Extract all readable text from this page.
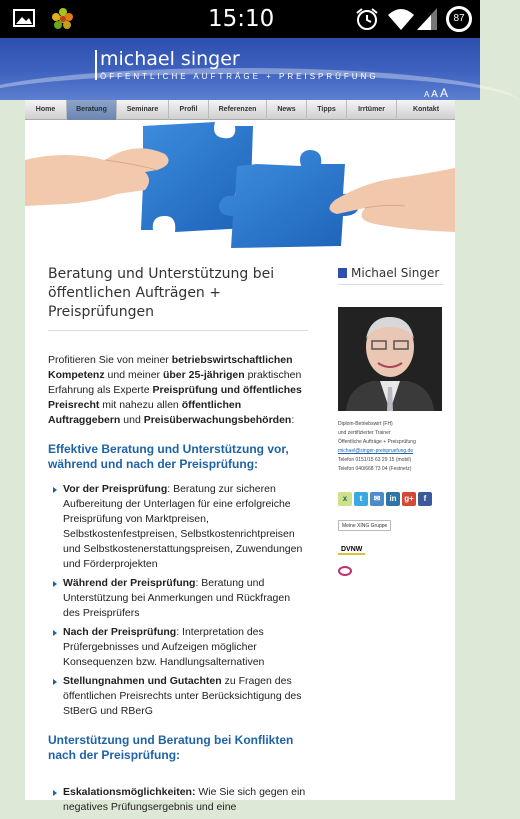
15:10	87
michael singer
ÖFFENTLICHE AUFTRÄGE + PREISPRÜFUNG
A A A
Home	Beratung	Seminare	Profil	Referenzen	News	Tipps	Irrtümer	Kontakt
Beratung und Unterstützung bei öffentlichen Aufträgen + Preisprüfungen

Profitieren Sie von meiner betriebswirtschaftlichen Kompetenz und meiner über 25-jährigen praktischen Erfahrung als Experte Preisprüfung und öffentliches Preisrecht mit nahezu allen öffentlichen Auftraggebern und Preisüberwachungsbehörden:

Effektive Beratung und Unterstützung vor, während und nach der Preisprüfung:
Vor der Preisprüfung: Beratung zur sicheren Aufbereitung der Unterlagen für eine erfolgreiche Preisprüfung von Marktpreisen, Selbstkostenfestpreisen, Selbstkostenrichtpreisen und Selbstkostenerstattungspreisen, Zuwendungen und Förderprojekten
Während der Preisprüfung: Beratung und Unterstützung bei Anmerkungen und Rückfragen des Preisprüfers
Nach der Preisprüfung: Interpretation des Prüfergebnisses und Aufzeigen möglicher Konsequenzen bzw. Handlungsalternativen
Stellungnahmen und Gutachten zu Fragen des öffentlichen Preisrechts unter Berücksichtigung des StBerG und RBerG
Unterstützung und Beratung bei Konflikten nach der Preisprüfung:
Eskalationsmöglichkeiten: Wie Sie sich gegen ein negatives Prüfungsergebnis und eine
Michael Singer
Diplom-Betriebswirt (FH)
und zertifizierter Trainer
Öffentliche Aufträge + Preisprüfung
michael@singer-preispruefung.de
Telefon 0151/15 63 29 15 (mobil)
Telefon 040/668 73 04 (Festnetz)
x	t	✉	in g+	f
Meine XING Gruppe
DVNW
